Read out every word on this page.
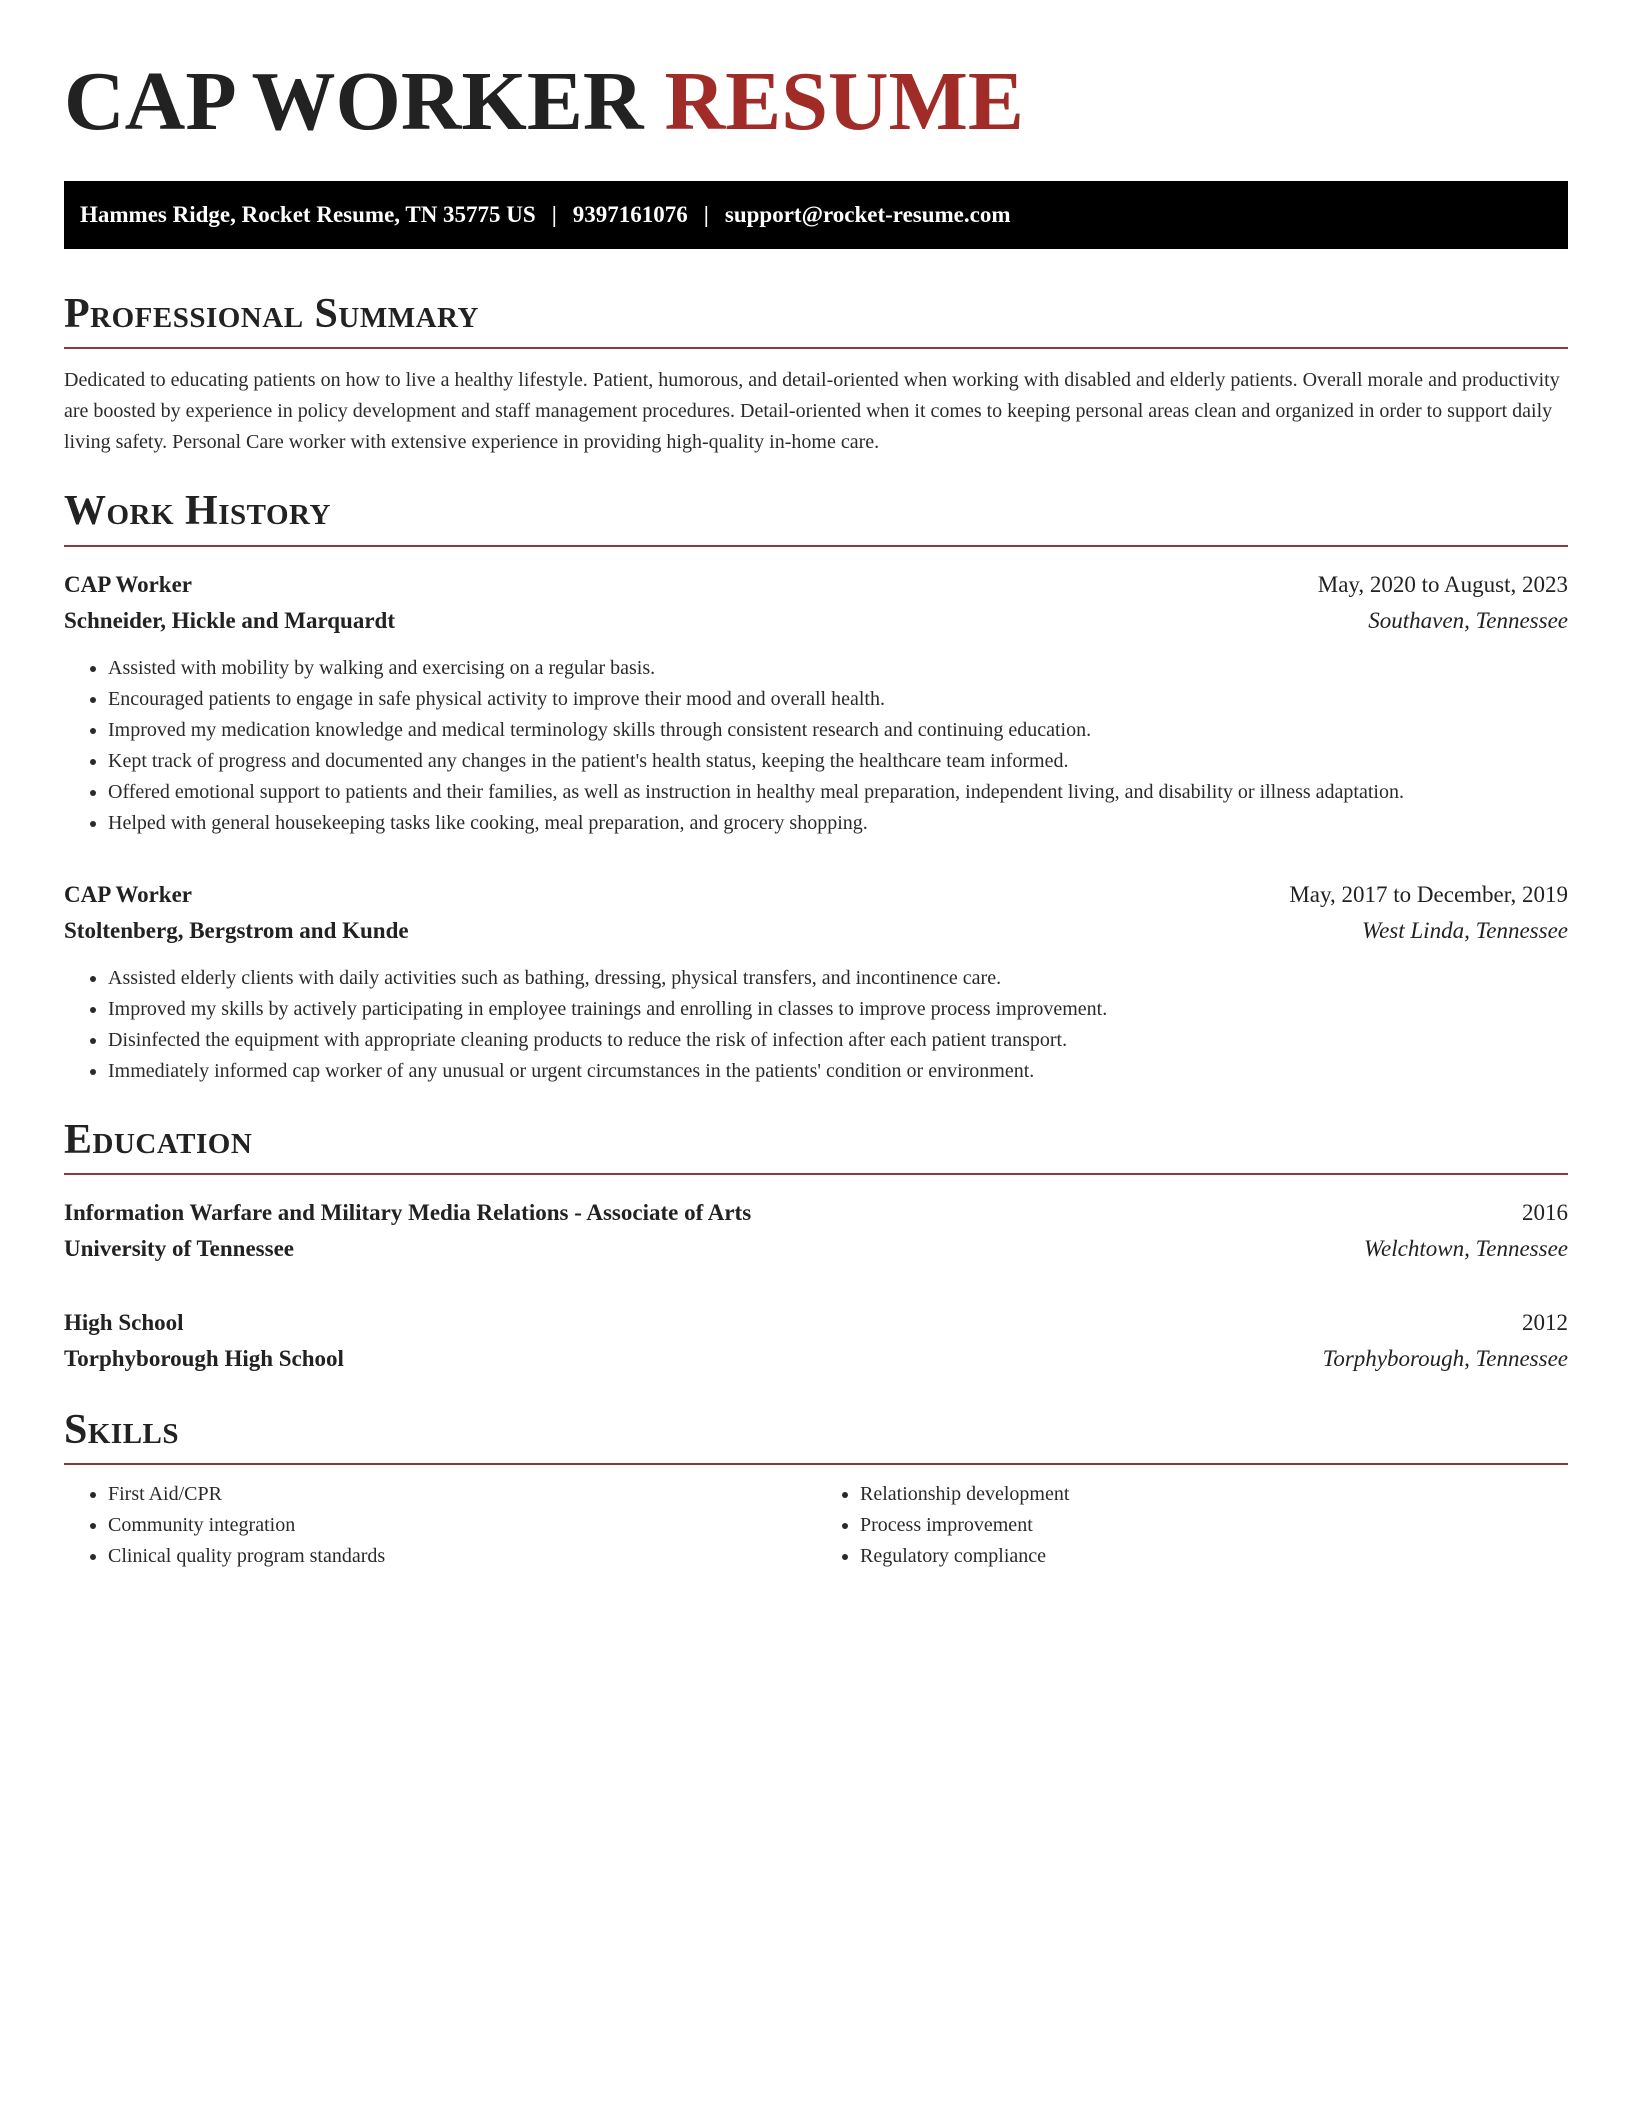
CAP WORKER RESUME
Hammes Ridge, Rocket Resume, TN 35775 US | 9397161076 | support@rocket-resume.com
Professional Summary

Dedicated to educating patients on how to live a healthy lifestyle. Patient, humorous, and detail-oriented when working with disabled and elderly patients. Overall morale and productivity are boosted by experience in policy development and staff management procedures. Detail-oriented when it comes to keeping personal areas clean and organized in order to support daily living safety. Personal Care worker with extensive experience in providing high-quality in-home care.

Work History
CAP Worker	May, 2020 to August, 2023
Schneider, Hickle and Marquardt	Southaven, Tennessee
• Assisted with mobility by walking and exercising on a regular basis.
• Encouraged patients to engage in safe physical activity to improve their mood and overall health.
• Improved my medication knowledge and medical terminology skills through consistent research and continuing education.
• Kept track of progress and documented any changes in the patient's health status, keeping the healthcare team informed.
• Offered emotional support to patients and their families, as well as instruction in healthy meal preparation, independent living, and disability or illness adaptation.
• Helped with general housekeeping tasks like cooking, meal preparation, and grocery shopping.
CAP Worker	May, 2017 to December, 2019
Stoltenberg, Bergstrom and Kunde	West Linda, Tennessee
• Assisted elderly clients with daily activities such as bathing, dressing, physical transfers, and incontinence care.
• Improved my skills by actively participating in employee trainings and enrolling in classes to improve process improvement.
• Disinfected the equipment with appropriate cleaning products to reduce the risk of infection after each patient transport.
• Immediately informed cap worker of any unusual or urgent circumstances in the patients' condition or environment.
Education
Information Warfare and Military Media Relations - Associate of Arts	2016
University of Tennessee	Welchtown, Tennessee
High School	2012
Torphyborough High School	Torphyborough, Tennessee
Skills
• First Aid/CPR
• Community integration
• Clinical quality program standards
• Relationship development
• Process improvement
• Regulatory compliance
